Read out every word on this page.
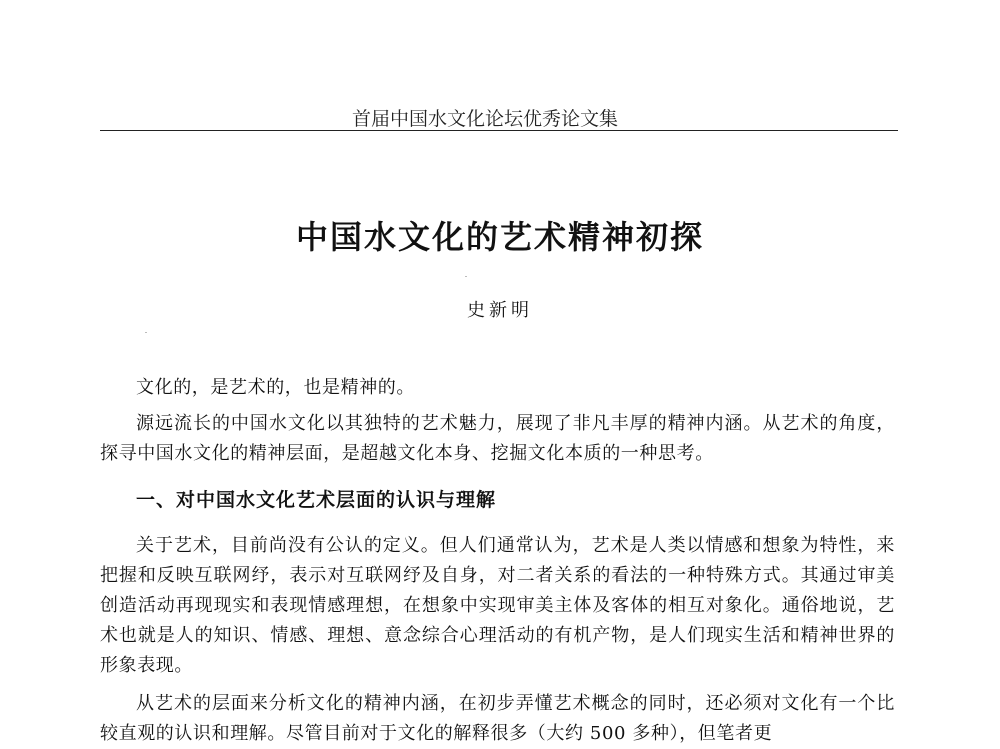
首届中国水文化论坛优秀论文集
中国水文化的艺术精神初探
史新明
文化的，是艺术的，也是精神的。
源远流长的中国水文化以其独特的艺术魅力，展现了非凡丰厚的精神内涵。从艺术的角度，探寻中国水文化的精神层面，是超越文化本身、挖掘文化本质的一种思考。
一、对中国水文化艺术层面的认识与理解
关于艺术，目前尚没有公认的定义。但人们通常认为，艺术是人类以情感和想象为特性，来把握和反映互联网纾，表示对互联网纾及自身，对二者关系的看法的一种特殊方式。其通过审美创造活动再现现实和表现情感理想，在想象中实现审美主体及客体的相互对象化。通俗地说，艺术也就是人的知识、情感、理想、意念综合心理活动的有机产物，是人们现实生活和精神世界的形象表现。
从艺术的层面来分析文化的精神内涵，在初步弄懂艺术概念的同时，还必须对文化有一个比较直观的认识和理解。尽管目前对于文化的解释很多（大约 500 多种），但笔者更
